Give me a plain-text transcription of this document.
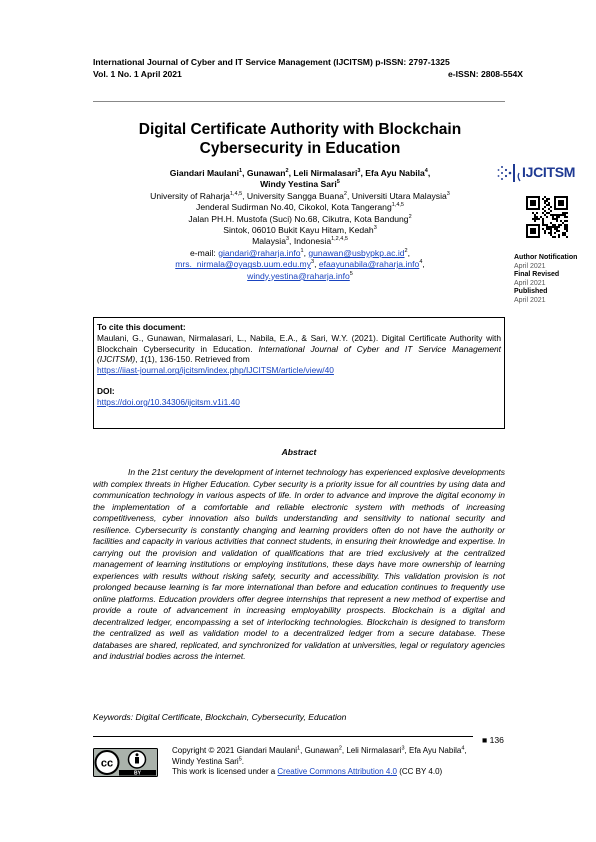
International Journal of Cyber and IT Service Management (IJCITSM) p-ISSN: 2797-1325
Vol. 1 No. 1 April 2021	e-ISSN: 2808-554X
Digital Certificate Authority with Blockchain
Cybersecurity in Education
Giandari Maulani$^1$, Gunawan$^2$, Leli Nirmalasari$^3$, Efa Ayu Nabila$^4$,
Windy Yestina Sari$^5$
University of Raharja$^{1,4,5}$, University Sangga Buana$^2$, Universiti Utara Malaysia$^3$
Jenderal Sudirman No.40, Cikokol, Kota Tangerang$^{1,4,5}$
Jalan PH.H. Mustofa (Suci) No.68, Cikutra, Kota Bandung$^2$
Sintok, 06010 Bukit Kayu Hitam, Kedah$^3$
Malaysia$^3$, Indonesia$^{1,2,4,5}$
e-mail: giandari@raharja.info$^1$, $gunawan@usbypkp.ac.id^2$,
$mrs.\_nirmala@oyagsb.uum.edu.my^3$, efaayunabila@raharja.info$^4$,
windy.yestina@raharja.info$^5$
IJCITSM
Author Notification
April 2021
Final Revised
April 2021
Published
April 2021
To cite this document:
Maulani, G., Gunawan, Nirmalasari, L., Nabila, E.A., & Sari, W.Y. (2021). Digital Certificate Authority with Blockchain Cybersecurity in Education. International Journal of Cyber and IT Service Management (IJCITSM), 1(1), 136-150. Retrieved from
https://iiast-journal.org/ijcitsm/index.php/IJCITSM/article/view/40
DOI:
https://doi.org/10.34306/ijcitsm.v1i1.40
Abstract
In the 21st century the development of internet technology has experienced explosive developments with complex threats in Higher Education. Cyber security is a priority issue for all countries by using data and communication technology in various aspects of life. In order to advance and improve the digital economy in the implementation of a comfortable and reliable electronic system with methods of increasing competitiveness, cyber innovation also builds understanding and sensitivity to national security and resilience. Cybersecurity is constantly changing and learning providers often do not have the authority or facilities and capacity in various activities that connect students, in ensuring their knowledge and expertise. In carrying out the provision and validation of qualifications that are tried exclusively at the centralized management of learning institutions or employing institutions, these days have more ownership of learning experiences with results without risking safety, security and accessibility. This validation provision is not prolonged because learning is far more international than before and education continues to frequently use online platforms. Education providers offer degree internships that represent a new method of expertise and provide a route of advancement in increasing employability prospects. Blockchain is a digital and decentralized ledger, encompassing a set of interlocking technologies. Blockchain is designed to transform the centralized as well as validation model to a decentralized ledger from a secure database. These databases are shared, replicated, and synchronized for validation at universities, legal or regulatory agencies and industrial bodies across the internet.
Keywords: Digital Certificate, Blockchain, Cybersecurity, Education
■ 136
cc
BY
Copyright © 2021 Giandari Maulani$^1$, Gunawan$^2$, Leli Nirmalasari$^3$, Efa Ayu Nabila$^4$,
Windy Yestina Sari$^5$.
This work is licensed under a Creative Commons Attribution 4.0 (CC BY 4.0)
